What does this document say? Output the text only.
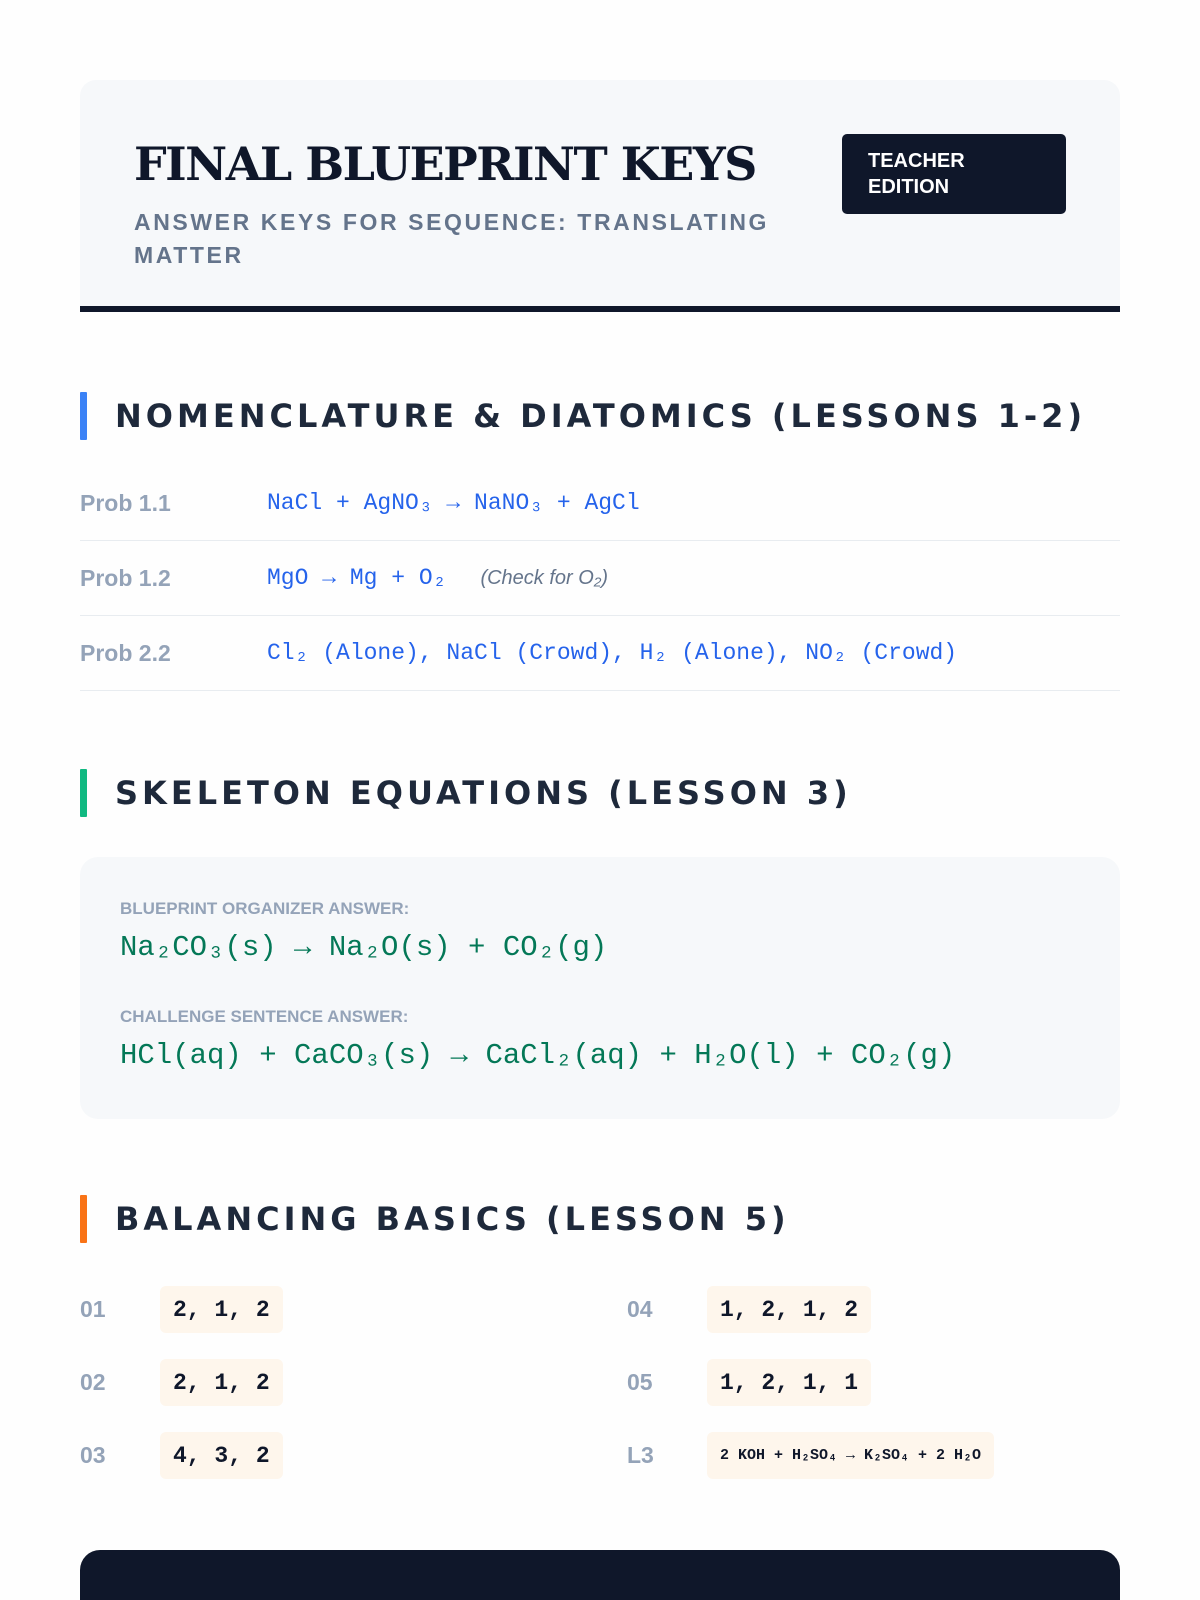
FINAL BLUEPRINT KEYS
ANSWER KEYS FOR SEQUENCE: TRANSLATING MATTER
TEACHER EDITION
NOMENCLATURE & DIATOMICS (LESSONS 1-2)
Prob 1.1	NaCl + AgNO₃ → NaNO₃ + AgCl
Prob 1.2	MgO → Mg + O₂ (Check for O₂)
Prob 2.2	Cl₂ (Alone), NaCl (Crowd), H₂ (Alone), NO₂ (Crowd)
SKELETON EQUATIONS (LESSON 3)
BLUEPRINT ORGANIZER ANSWER:
Na₂CO₃(s) → Na₂O(s) + CO₂(g)
CHALLENGE SENTENCE ANSWER:
HCl(aq) + CaCO₃(s) → CaCl₂(aq) + H₂O(l) + CO₂(g)
BALANCING BASICS (LESSON 5)
01	2, 1, 2	04	1, 2, 1, 2
02	2, 1, 2	05	1, 2, 1, 1
03	4, 3, 2	L3	2 KOH + H₂SO₄ → K₂SO₄ + 2 H₂O
